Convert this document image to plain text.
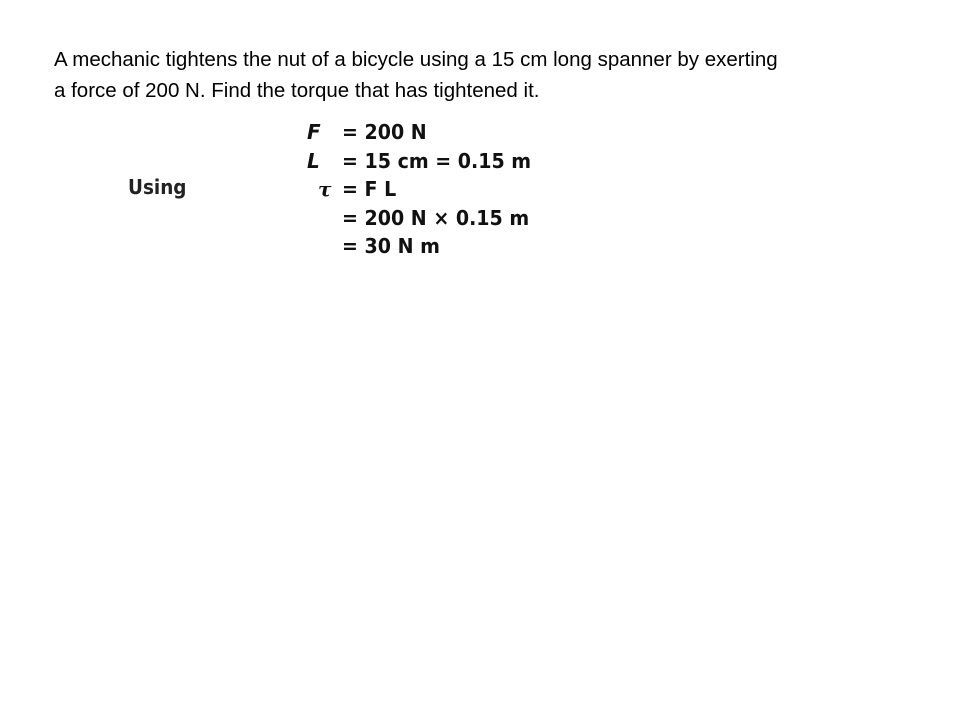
A mechanic tightens the nut of a bicycle using a 15 cm long spanner by exerting
a force of 200 N. Find the torque that has tightened it.
Using
F = 200 N
L = 15 cm = 0.15 m
τ = F L
= 200 N × 0.15 m
= 30 N m
